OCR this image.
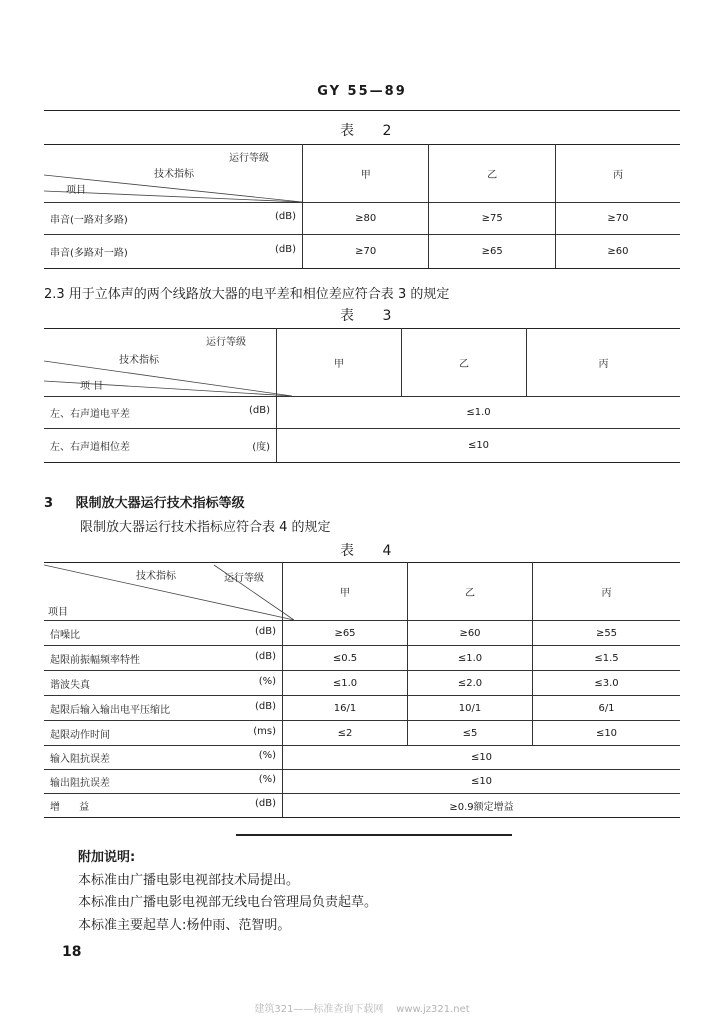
GY 55—89
表 2
运行等级
技术指标
项目	甲	乙	丙

串音(一路对多路) (dB)	≥80	≥75	≥70

串音(多路对一路) (dB)	≥70	≥65	≥60
2.3 用于立体声的两个线路放大器的电平差和相位差应符合表 3 的规定
表 3
运行等级
技术指标
项 目	甲	乙	丙

左、右声道电平差 (dB)	≤1.0		

左、右声道相位差 (度)	≤10		
3 限制放大器运行技术指标等级
限制放大器运行技术指标应符合表 4 的规定
表 4
技术指标 运行等级
项目	甲	乙	丙

信噪比 (dB)	≥65	≥60	≥55

起限前振幅频率特性 (dB)	≤0.5	≤1.0	≤1.5

谐波失真 (%)	≤1.0	≤2.0	≤3.0

起限后输入输出电平压缩比 (dB)	16/1	10/1	6/1

起限动作时间 (ms)	≤2	≤5	≤10

输入阻抗误差 (%)	≤10		

输出阻抗误差 (%)	≤10		

增      益 (dB)	≥0.9额定增益		
附加说明:
本标准由广播电影电视部技术局提出。
本标准由广播电影电视部无线电台管理局负责起草。
本标准主要起草人:杨仲雨、范智明。
18
建筑321——标准查询下载网    www.jz321.net
